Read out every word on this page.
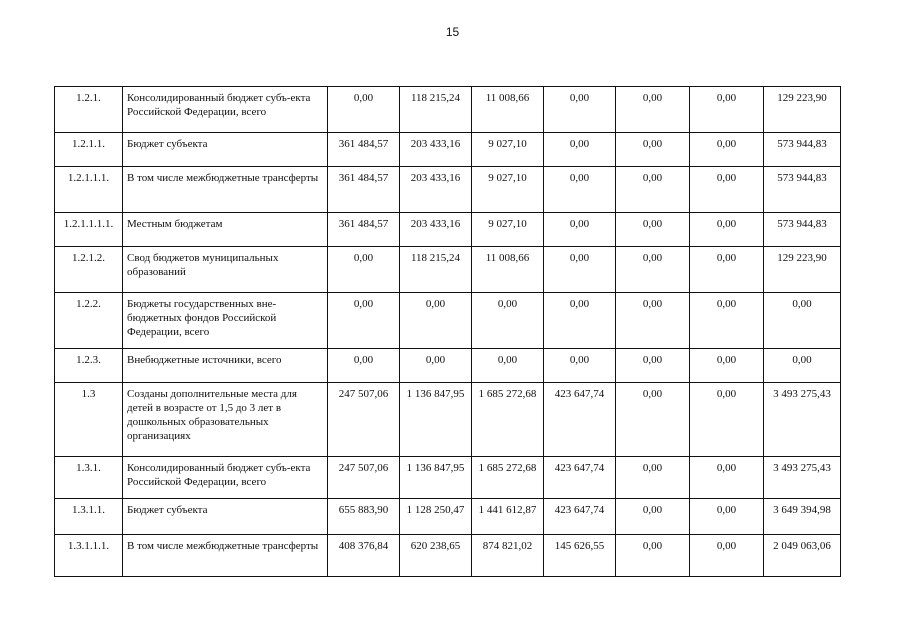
15
1.2.1.	Консолидированный бюджет субъ-екта Российской Федерации, всего	0,00	118 215,24	11 008,66	0,00	0,00	0,00	129 223,90
1.2.1.1.	Бюджет субъекта	361 484,57	203 433,16	9 027,10	0,00	0,00	0,00	573 944,83
1.2.1.1.1.	В том числе межбюджетные трансферты	361 484,57	203 433,16	9 027,10	0,00	0,00	0,00	573 944,83
1.2.1.1.1.1.	Местным бюджетам	361 484,57	203 433,16	9 027,10	0,00	0,00	0,00	573 944,83
1.2.1.2.	Свод бюджетов муниципальных образований	0,00	118 215,24	11 008,66	0,00	0,00	0,00	129 223,90
1.2.2.	Бюджеты государственных вне-бюджетных фондов Российской Федерации, всего	0,00	0,00	0,00	0,00	0,00	0,00	0,00
1.2.3.	Внебюджетные источники, всего	0,00	0,00	0,00	0,00	0,00	0,00	0,00
1.3	Созданы дополнительные места для детей в возрасте от 1,5 до 3 лет в дошкольных образовательных организациях	247 507,06	1 136 847,95	1 685 272,68	423 647,74	0,00	0,00	3 493 275,43
1.3.1.	Консолидированный бюджет субъ-екта Российской Федерации, всего	247 507,06	1 136 847,95	1 685 272,68	423 647,74	0,00	0,00	3 493 275,43
1.3.1.1.	Бюджет субъекта	655 883,90	1 128 250,47	1 441 612,87	423 647,74	0,00	0,00	3 649 394,98
1.3.1.1.1.	В том числе межбюджетные трансферты	408 376,84	620 238,65	874 821,02	145 626,55	0,00	0,00	2 049 063,06
